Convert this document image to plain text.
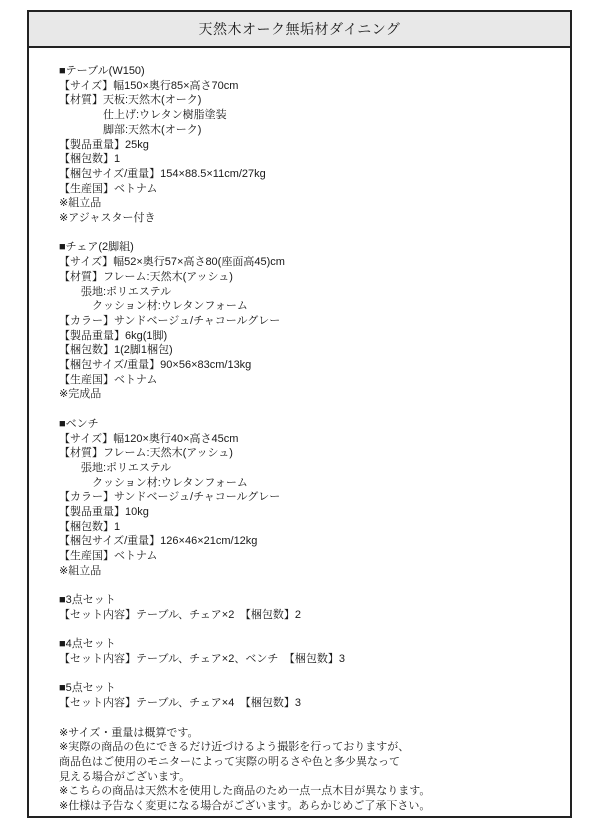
天然木オーク無垢材ダイニング
■テーブル(W150)
【サイズ】幅150×奥行85×高さ70cm
【材質】天板:天然木(オーク)
　　　　仕上げ:ウレタン樹脂塗装
　　　　脚部:天然木(オーク)
【製品重量】25kg
【梱包数】1
【梱包サイズ/重量】154×88.5×11cm/27kg
【生産国】ベトナム
※組立品
※アジャスター付き
■チェア(2脚組)
【サイズ】幅52×奥行57×高さ80(座面高45)cm
【材質】フレーム:天然木(アッシュ)
　　張地:ポリエステル
　　　クッション材:ウレタンフォーム
【カラー】サンドベージュ/チャコールグレー
【製品重量】6kg(1脚)
【梱包数】1(2脚1梱包)
【梱包サイズ/重量】90×56×83cm/13kg
【生産国】ベトナム
※完成品
■ベンチ
【サイズ】幅120×奥行40×高さ45cm
【材質】フレーム:天然木(アッシュ)
　　張地:ポリエステル
　　　クッション材:ウレタンフォーム
【カラー】サンドベージュ/チャコールグレー
【製品重量】10kg
【梱包数】1
【梱包サイズ/重量】126×46×21cm/12kg
【生産国】ベトナム
※組立品
■3点セット
【セット内容】テーブル、チェア×2　【梱包数】2
■4点セット
【セット内容】テーブル、チェア×2、ベンチ　【梱包数】3
■5点セット
【セット内容】テーブル、チェア×4　【梱包数】3
※サイズ・重量は概算です。
※実際の商品の色にできるだけ近づけるよう撮影を行っておりますが、
商品色はご使用のモニターによって実際の明るさや色と多少異なって
見える場合がございます。
※こちらの商品は天然木を使用した商品のため一点一点木目が異なります。
※仕様は予告なく変更になる場合がございます。あらかじめご了承下さい。
